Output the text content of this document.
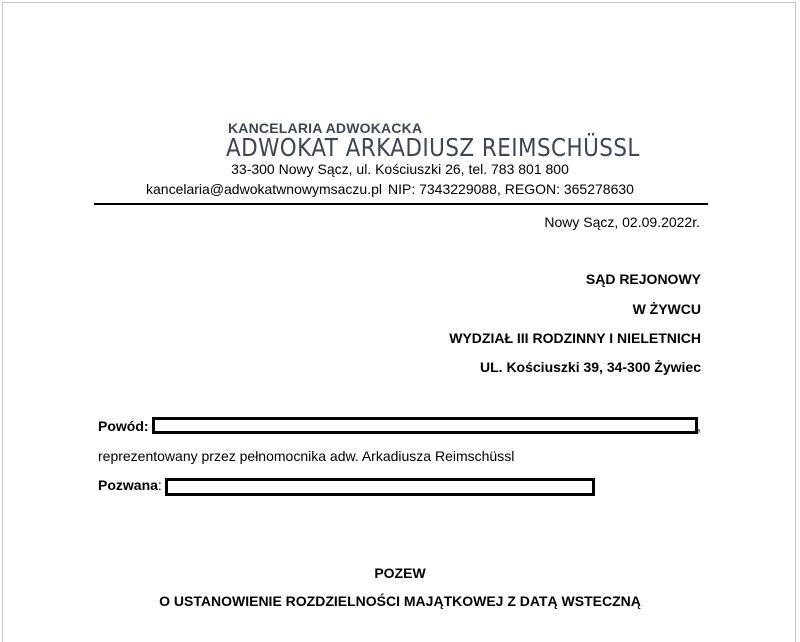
KANCELARIA ADWOKACKA
ADWOKAT ARKADIUSZ REIMSCHÜSSL
33-300 Nowy Sącz, ul. Kościuszki 26, tel. 783 801 800
kancelaria@adwokatwnowymsaczu.pl NIP: 7343229088, REGON: 365278630
Nowy Sącz, 02.09.2022r.
SĄD REJONOWY
W ŻYWCU
WYDZIAŁ III RODZINNY I NIELETNICH
UL. Kościuszki 39, 34-300 Żywiec
Powód:	,
reprezentowany przez pełnomocnika adw. Arkadiusza Reimschüssl
Pozwana:
POZEW
O USTANOWIENIE ROZDZIELNOŚCI MAJĄTKOWEJ Z DATĄ WSTECZNĄ
